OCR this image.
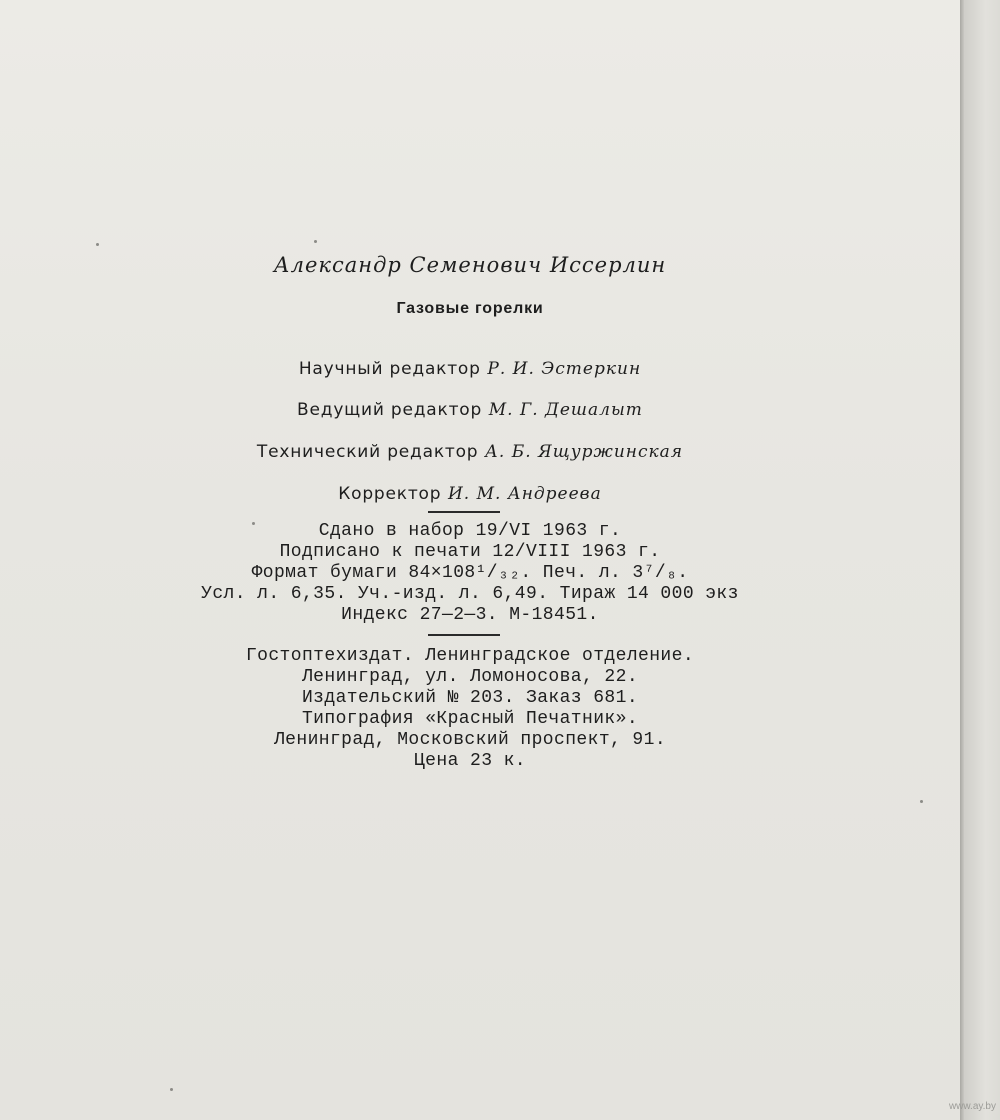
Александр Семенович Иссерлин
Газовые горелки
Научный редактор Р. И. Эстеркин
Ведущий редактор М. Г. Дешалыт
Технический редактор А. Б. Ящуржинская
Корректор И. М. Андреева
Сдано в набор 19/VI 1963 г.
Подписано к печати 12/VIII 1963 г.
Формат бумаги 84×108¹/₃₂. Печ. л. 3⁷/₈.
Усл. л. 6,35. Уч.-изд. л. 6,49. Тираж 14 000 экз
Индекс 27—2—3. М-18451.
Гостоптехиздат. Ленинградское отделение.
Ленинград, ул. Ломоносова, 22.
Издательский № 203. Заказ 681.
Типография «Красный Печатник».
Ленинград, Московский проспект, 91.
Цена 23 к.
www.ay.by
